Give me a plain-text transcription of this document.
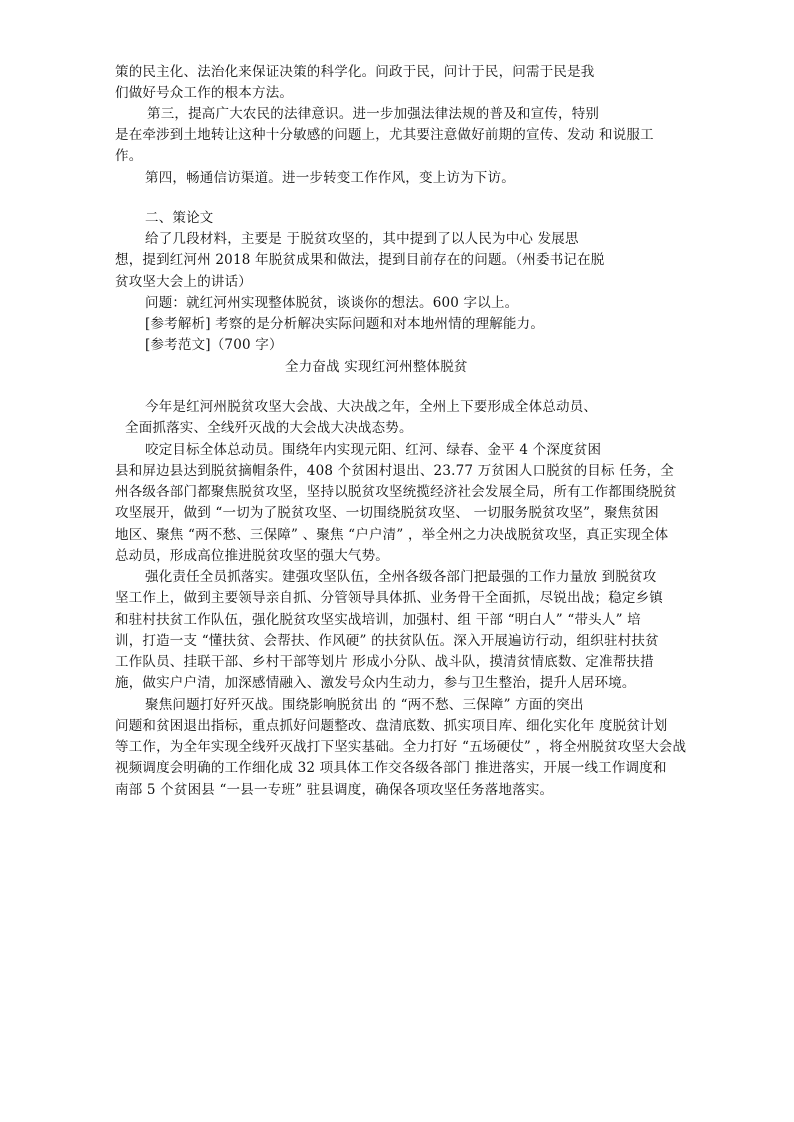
策的民主化、法治化来保证决策的科学化。问政于民，问计于民，问需于民是我
们做好号众工作的根本方法。
第三，提高广大农民的法律意识。进一步加强法律法规的普及和宣传，特别
是在牵涉到土地转让这种十分敏感的问题上，尤其要注意做好前期的宣传、发动 和说服工
作。
第四，畅通信访渠道。进一步转变工作作风，变上访为下访。
二、策论文
给了几段材料，主要是 于脱贫攻坚的，其中提到了以人民为中心 发展思
想，提到红河州 2018 年脱贫成果和做法，提到目前存在的问题。（州委书记在脱
贫攻坚大会上的讲话）
问题：就红河州实现整体脱贫，谈谈你的想法。600 字以上。
[参考解析] 考察的是分析解决实际问题和对本地州情的理解能力。
[参考范文]（700 字）
全力奋战 实现红河州整体脱贫
今年是红河州脱贫攻坚大会战、大决战之年，全州上下要形成全体总动员、
全面抓落实、全线歼灭战的大会战大决战态势。
咬定目标全体总动员。围绕年内实现元阳、红河、绿春、金平 4 个深度贫困
县和屏边县达到脱贫摘帽条件，408 个贫困村退出、23.77 万贫困人口脱贫的目标 任务，全
州各级各部门都聚焦脱贫攻坚，坚持以脱贫攻坚统揽经济社会发展全局，所有工作都围绕脱贫
攻坚展开，做到 “一切为了脱贫攻坚、一切围绕脱贫攻坚、 一切服务脱贫攻坚”，聚焦贫困
地区、聚焦 “两不愁、三保障” 、聚焦 “户户清” ，举全州之力决战脱贫攻坚，真正实现全体
总动员，形成高位推进脱贫攻坚的强大气势。
强化责任全员抓落实。建强攻坚队伍，全州各级各部门把最强的工作力量放 到脱贫攻
坚工作上，做到主要领导亲自抓、分管领导具体抓、业务骨干全面抓，尽锐出战；稳定乡镇
和驻村扶贫工作队伍，强化脱贫攻坚实战培训，加强村、组 干部 “明白人” “带头人” 培
训，打造一支 “懂扶贫、会帮扶、作风硬” 的扶贫队伍。深入开展遍访行动，组织驻村扶贫
工作队员、挂联干部、乡村干部等划片 形成小分队、战斗队，摸清贫情底数、定准帮扶措
施，做实户户清，加深感情融入、激发号众内生动力，参与卫生整治，提升人居环境。
聚焦问题打好歼灭战。围绕影响脱贫出 的 “两不愁、三保障” 方面的突出
问题和贫困退出指标，重点抓好问题整改、盘清底数、抓实项目库、细化实化年 度脱贫计划
等工作，为全年实现全线歼灭战打下坚实基础。全力打好 “五场硬仗” ，将全州脱贫攻坚大会战
视频调度会明确的工作细化成 32 项具体工作交各级各部门 推进落实，开展一线工作调度和
南部 5 个贫困县 “一县一专班” 驻县调度，确保各项攻坚任务落地落实。
